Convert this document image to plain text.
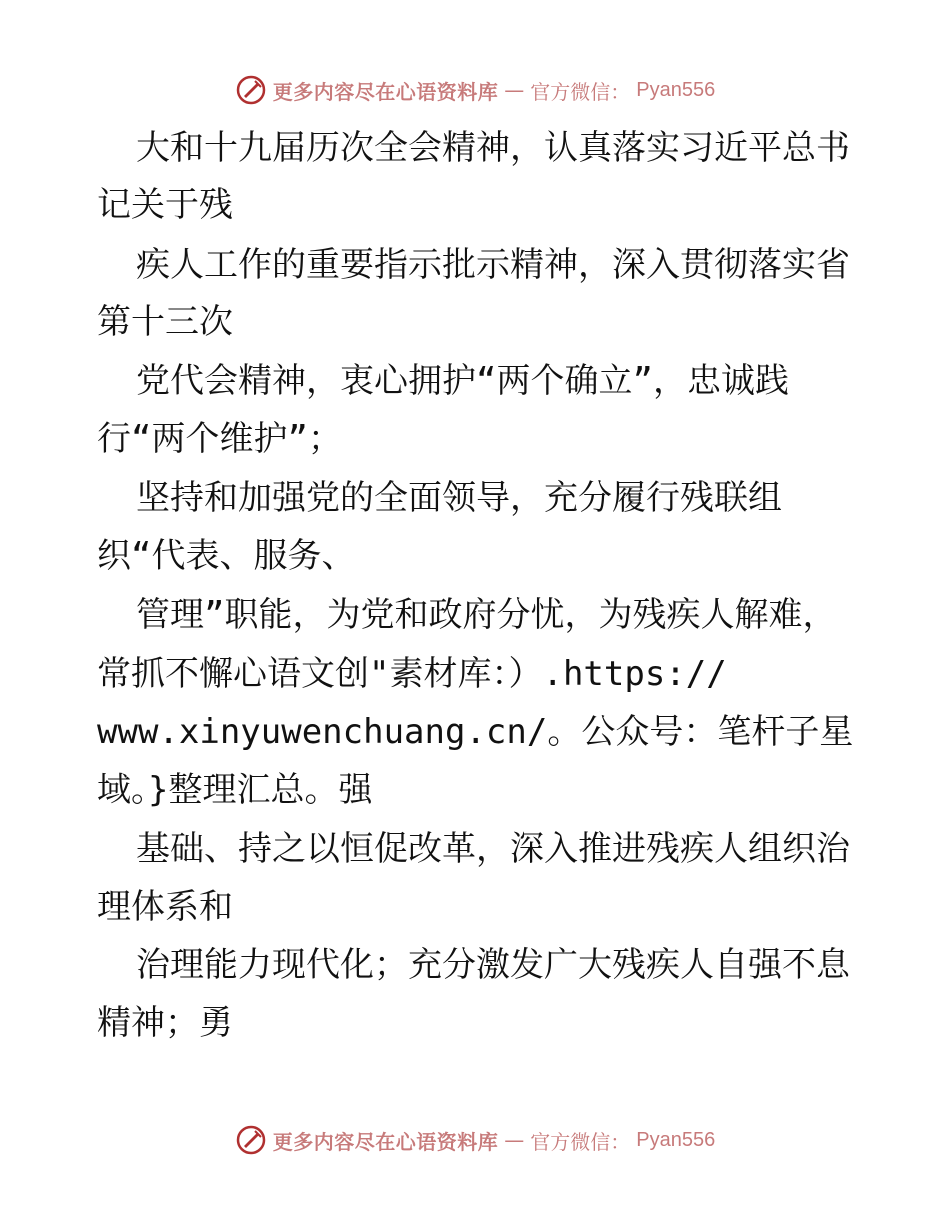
更多内容尽在心语资料库 — 官方微信： Pyan556
大和十九届历次全会精神，认真落实习近平总书
记关于残
疾人工作的重要指示批示精神，深入贯彻落实省
第十三次
党代会精神，衷心拥护“两个确立”，忠诚践
行“两个维护”；
坚持和加强党的全面领导，充分履行残联组
织“代表、服务、
管理”职能，为党和政府分忧，为残疾人解难，
常抓不懈心语文创"素材库：）.https://
www.xinyuwenchuang.cn/。公众号：笔杆子星
域。}整理汇总。强
基础、持之以恒促改革，深入推进残疾人组织治
理体系和
治理能力现代化；充分激发广大残疾人自强不息
精神；勇
更多内容尽在心语资料库 — 官方微信： Pyan556
